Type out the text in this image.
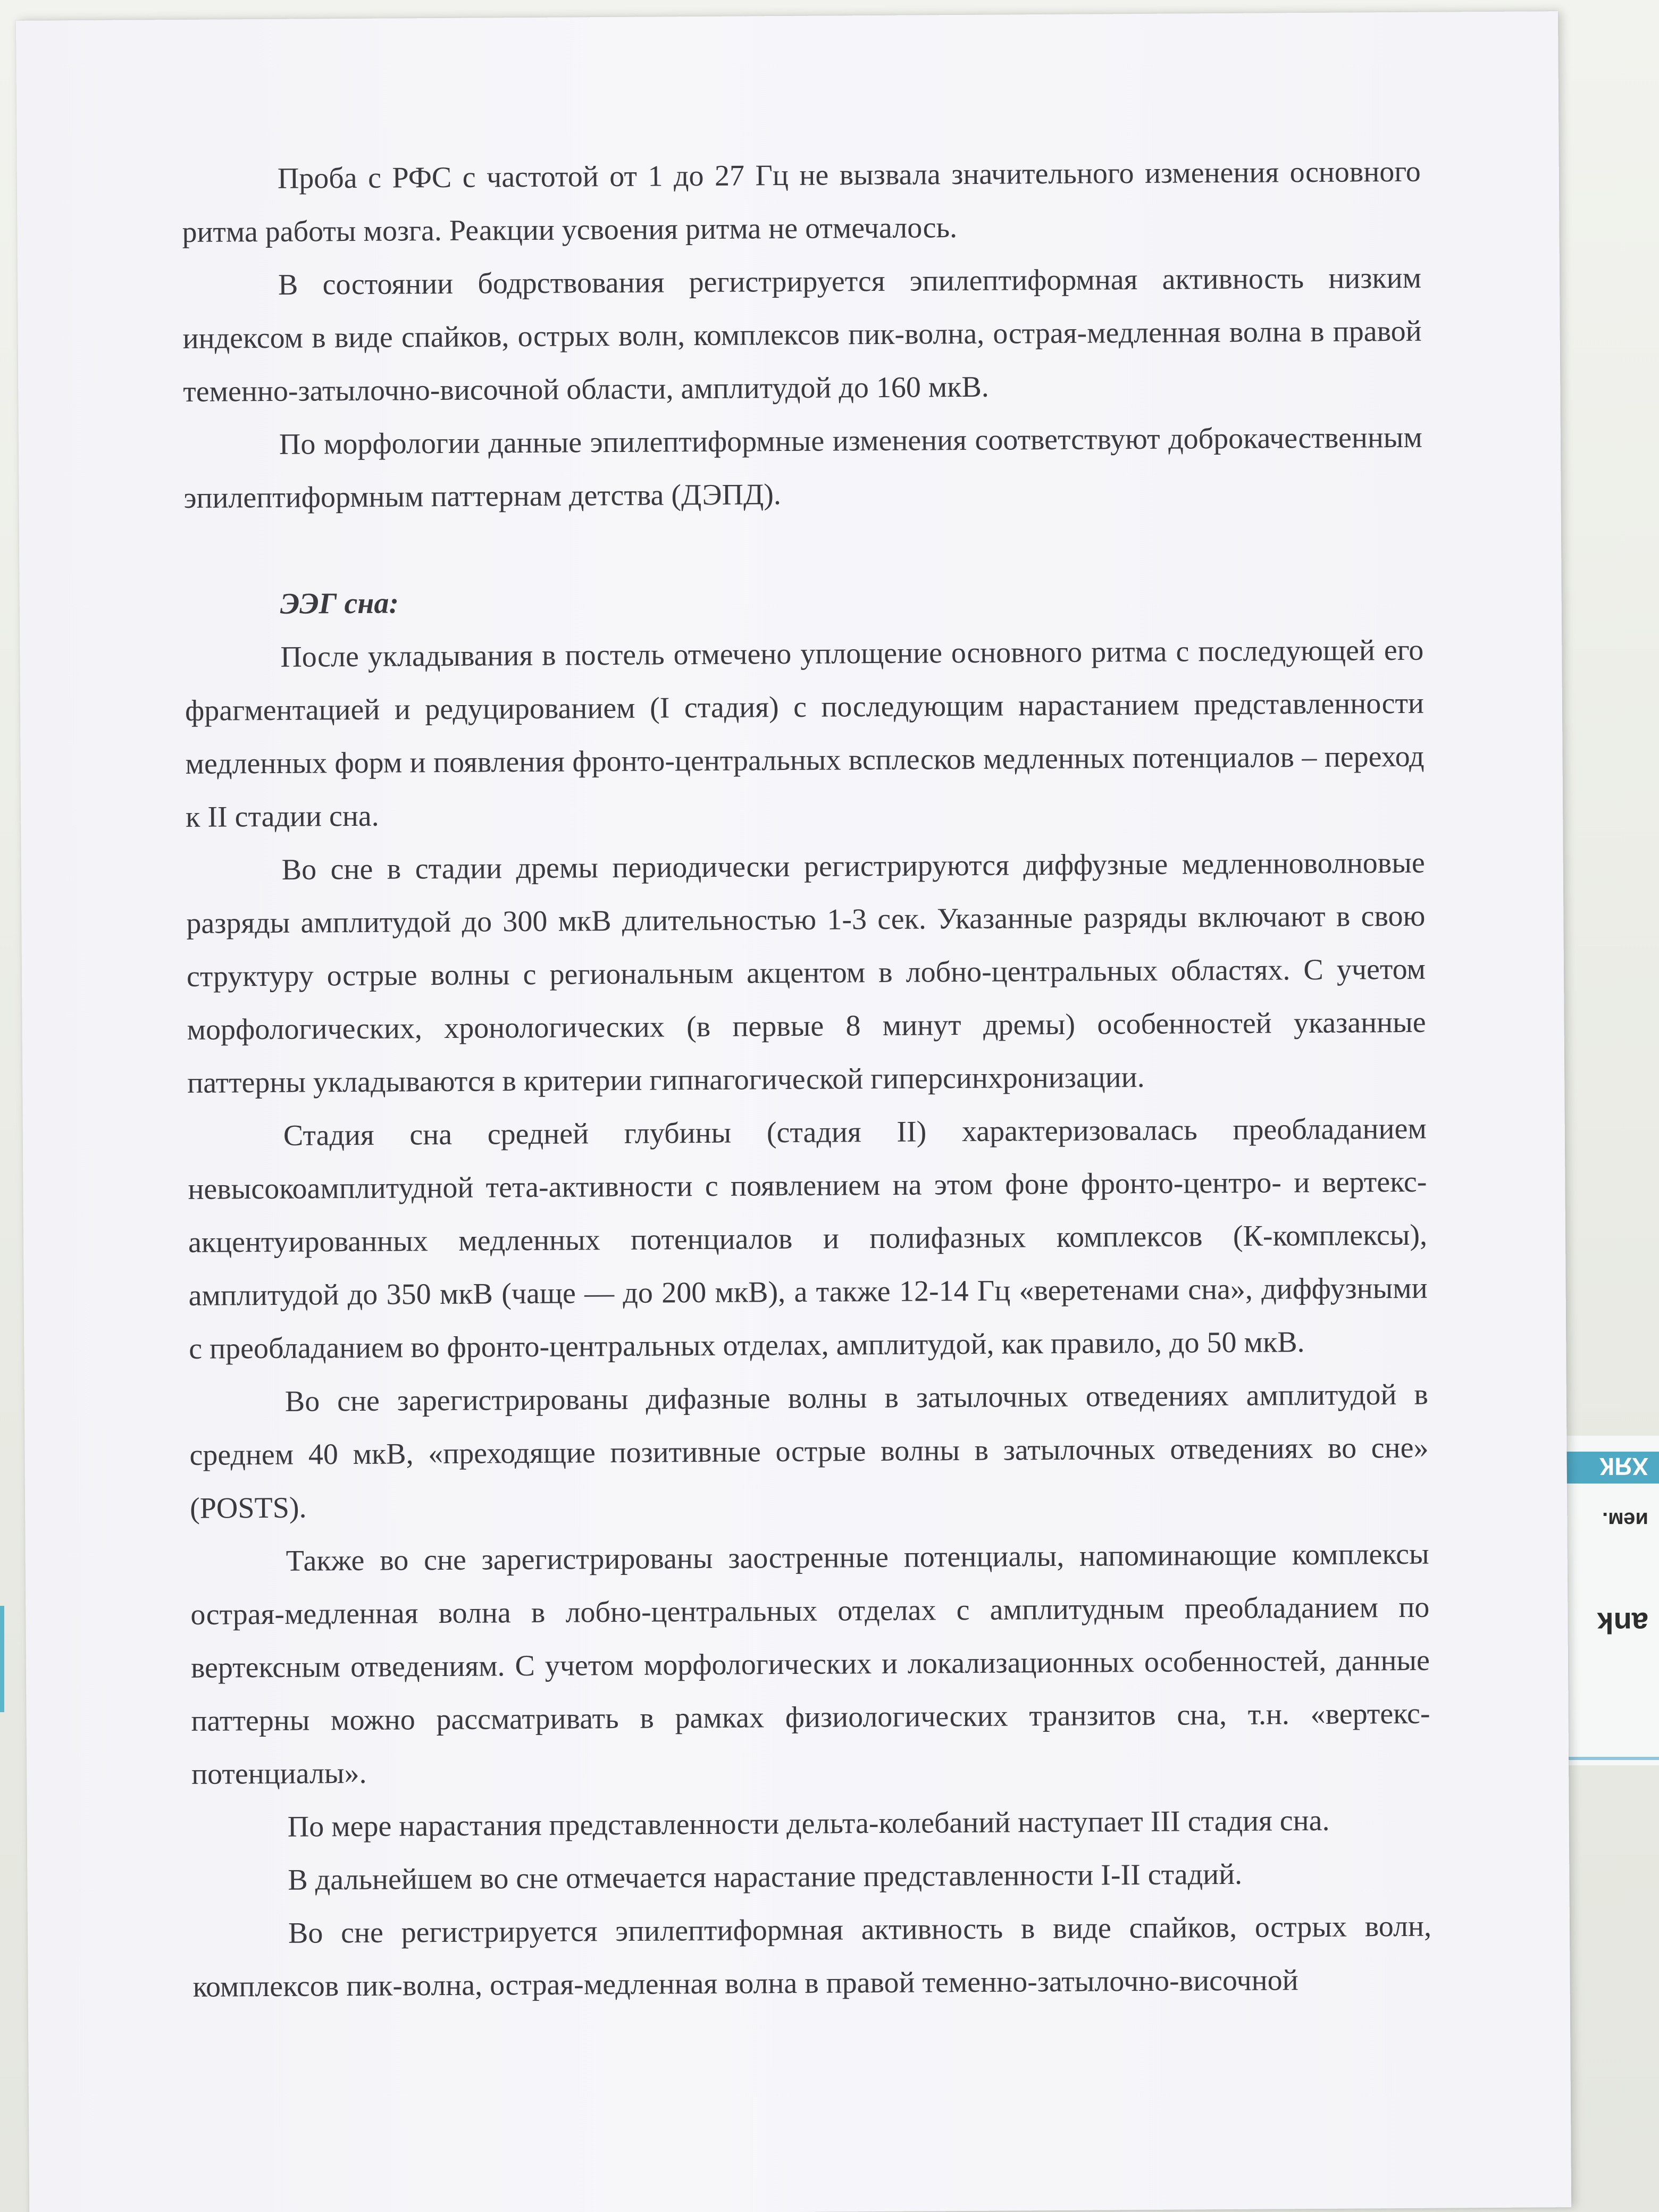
ХЯК
ием.
ank

Проба с РФС с частотой от 1 до 27 Гц не вызвала значительного изменения основного ритма работы мозга. Реакции усвоения ритма не отмечалось.

В состоянии бодрствования регистрируется эпилептиформная активность низким индексом в виде спайков, острых волн, комплексов пик-волна, острая-медленная волна в правой теменно-затылочно-височной области, амплитудой до 160 мкВ.

По морфологии данные эпилептиформные изменения соответствуют доброкачественным эпилептиформным паттернам детства (ДЭПД).

ЭЭГ сна:

После укладывания в постель отмечено уплощение основного ритма с последующей его фрагментацией и редуцированием (I стадия) с последующим нарастанием представленности медленных форм и появления фронто-центральных всплесков медленных потенциалов – переход к II стадии сна.

Во сне в стадии дремы периодически регистрируются диффузные медленноволновые разряды амплитудой до 300 мкВ длительностью 1-3 сек. Указанные разряды включают в свою структуру острые волны с региональным акцентом в лобно-центральных областях. С учетом морфологических, хронологических (в первые 8 минут дремы) особенностей указанные паттерны укладываются в критерии гипнагогической гиперсинхронизации.

Стадия сна средней глубины (стадия II) характеризовалась преобладанием невысокоамплитудной тета-активности с появлением на этом фоне фронто-центро- и вертекс-акцентуированных медленных потенциалов и полифазных комплексов (К-комплексы), амплитудой до 350 мкВ (чаще — до 200 мкВ), а также 12-14 Гц «веретенами сна», диффузными с преобладанием во фронто-центральных отделах, амплитудой, как правило, до 50 мкВ.

Во сне зарегистрированы дифазные волны в затылочных отведениях амплитудой в среднем 40 мкВ, «преходящие позитивные острые волны в затылочных отведениях во сне» (POSTS).

Также во сне зарегистрированы заостренные потенциалы, напоминающие комплексы острая-медленная волна в лобно-центральных отделах с амплитудным преобладанием по вертексным отведениям. С учетом морфологических и локализационных особенностей, данные паттерны можно рассматривать в рамках физиологических транзитов сна, т.н. «вертекс-потенциалы».

По мере нарастания представленности дельта-колебаний наступает III стадия сна.

В дальнейшем во сне отмечается нарастание представленности I-II стадий.

Во сне регистрируется эпилептиформная активность в виде спайков, острых волн, комплексов пик-волна, острая-медленная волна в правой теменно-затылочно-височной
